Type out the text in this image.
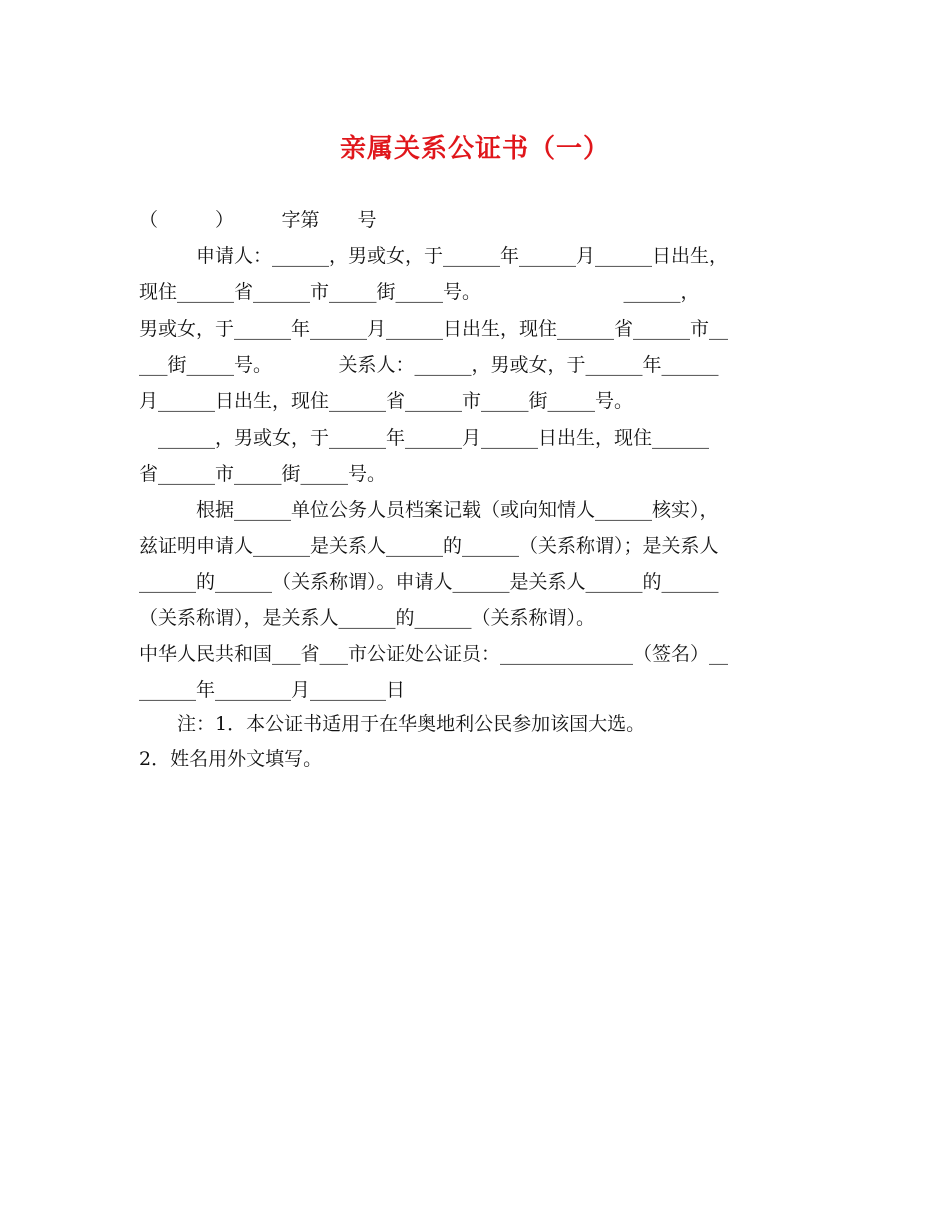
亲属关系公证书（一）
（　　　）　　　字第　　号
　　　申请人：______，男或女，于______年______月______日出生，
现住______省______市_____街_____号。　　　　　　　　______，
男或女，于______年______月______日出生，现住______省______市__
___街_____号。　　　　关系人：______，男或女，于______年______
月______日出生，现住______省______市_____街_____号。
　______，男或女，于______年______月______日出生，现住______
省______市_____街_____号。
　　　根据______单位公务人员档案记载（或向知情人______核实），
兹证明申请人______是关系人______的______（关系称谓）；是关系人
______的______（关系称谓）。申请人______是关系人______的______
（关系称谓），是关系人______的______（关系称谓）。
中华人民共和国___省___市公证处公证员：______________（签名）__
______年________月________日
　　注：1．本公证书适用于在华奥地利公民参加该国大选。
2．姓名用外文填写。
